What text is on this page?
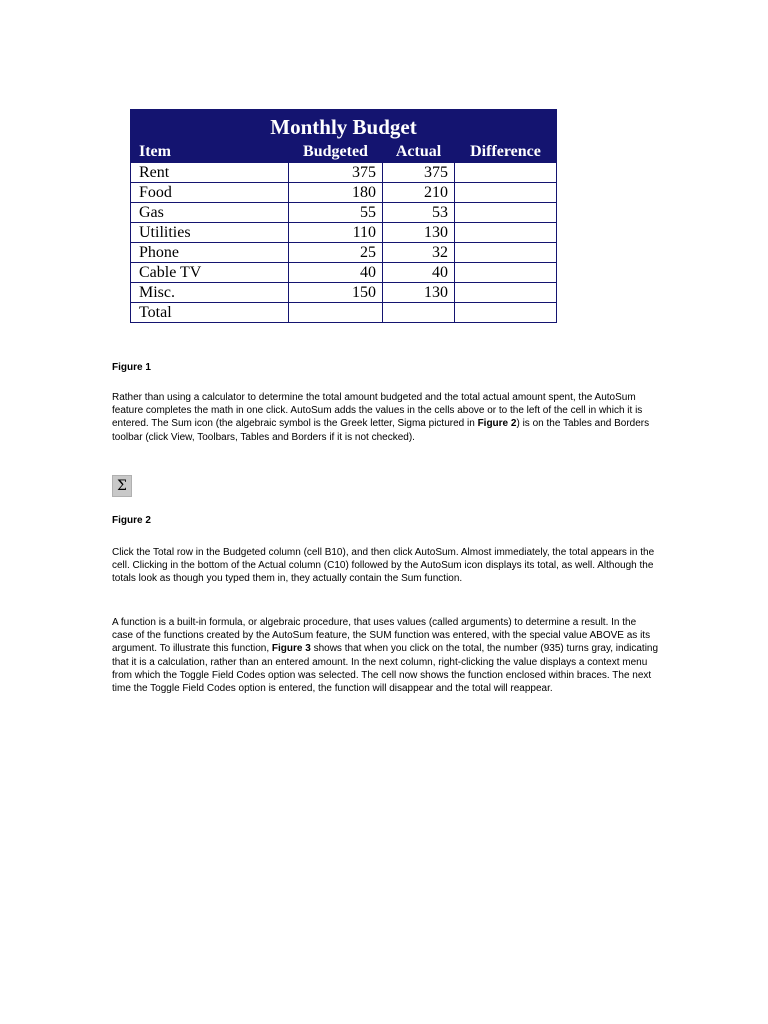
Monthly Budget			
Item	Budgeted	Actual	Difference
Rent	375	375	
Food	180	210	
Gas	55	53	
Utilities	110	130	
Phone	25	32	
Cable TV	40	40	
Misc.	150	130	
Total			
Figure 1

Rather than using a calculator to determine the total amount budgeted and the total actual amount spent, the AutoSum feature completes the math in one click. AutoSum adds the values in the cells above or to the left of the cell in which it is entered. The Sum icon (the algebraic symbol is the Greek letter, Sigma pictured in Figure 2) is on the Tables and Borders toolbar (click View, Toolbars, Tables and Borders if it is not checked).

Σ
Figure 2

Click the Total row in the Budgeted column (cell B10), and then click AutoSum. Almost immediately, the total appears in the cell. Clicking in the bottom of the Actual column (C10) followed by the AutoSum icon displays its total, as well. Although the totals look as though you typed them in, they actually contain the Sum function.

A function is a built-in formula, or algebraic procedure, that uses values (called arguments) to determine a result. In the case of the functions created by the AutoSum feature, the SUM function was entered, with the special value ABOVE as its argument. To illustrate this function, Figure 3 shows that when you click on the total, the number (935) turns gray, indicating that it is a calculation, rather than an entered amount. In the next column, right-clicking the value displays a context menu from which the Toggle Field Codes option was selected. The cell now shows the function enclosed within braces. The next time the Toggle Field Codes option is entered, the function will disappear and the total will reappear.
